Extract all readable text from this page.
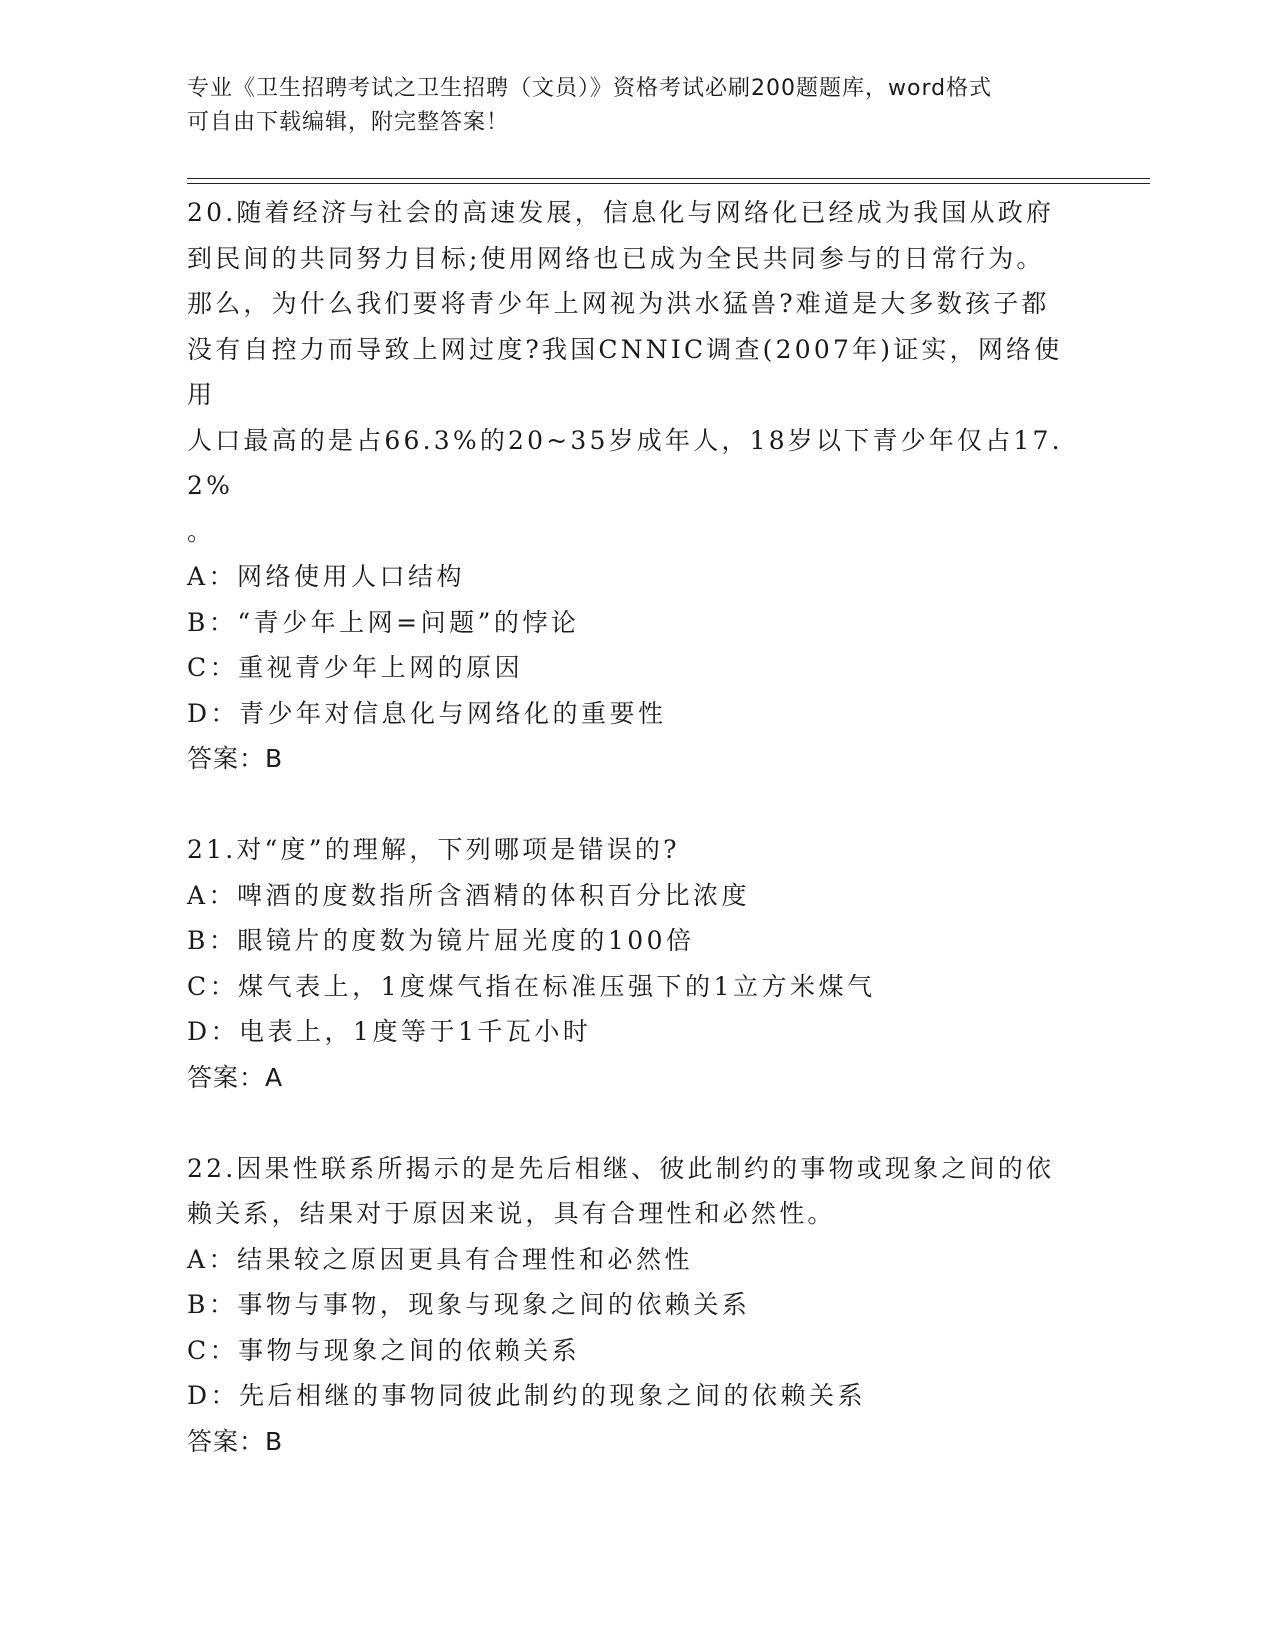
专业《卫生招聘考试之卫生招聘（文员）》资格考试必刷200题题库，word格式
可自由下载编辑，附完整答案！
20.随着经济与社会的高速发展，信息化与网络化已经成为我国从政府
到民间的共同努力目标;使用网络也已成为全民共同参与的日常行为。
那么，为什么我们要将青少年上网视为洪水猛兽?难道是大多数孩子都
没有自控力而导致上网过度?我国CNNIC调查(2007年)证实，网络使用
人口最高的是占66.3%的20~35岁成年人，18岁以下青少年仅占17.2%
。
A：网络使用人口结构
B：“青少年上网=问题”的悖论
C：重视青少年上网的原因
D：青少年对信息化与网络化的重要性
答案：B
21.对“度”的理解，下列哪项是错误的?
A：啤酒的度数指所含酒精的体积百分比浓度
B：眼镜片的度数为镜片屈光度的100倍
C：煤气表上，1度煤气指在标准压强下的1立方米煤气
D：电表上，1度等于1千瓦小时
答案：A
22.因果性联系所揭示的是先后相继、彼此制约的事物或现象之间的依
赖关系，结果对于原因来说，具有合理性和必然性。
A：结果较之原因更具有合理性和必然性
B：事物与事物，现象与现象之间的依赖关系
C：事物与现象之间的依赖关系
D：先后相继的事物同彼此制约的现象之间的依赖关系
答案：B
